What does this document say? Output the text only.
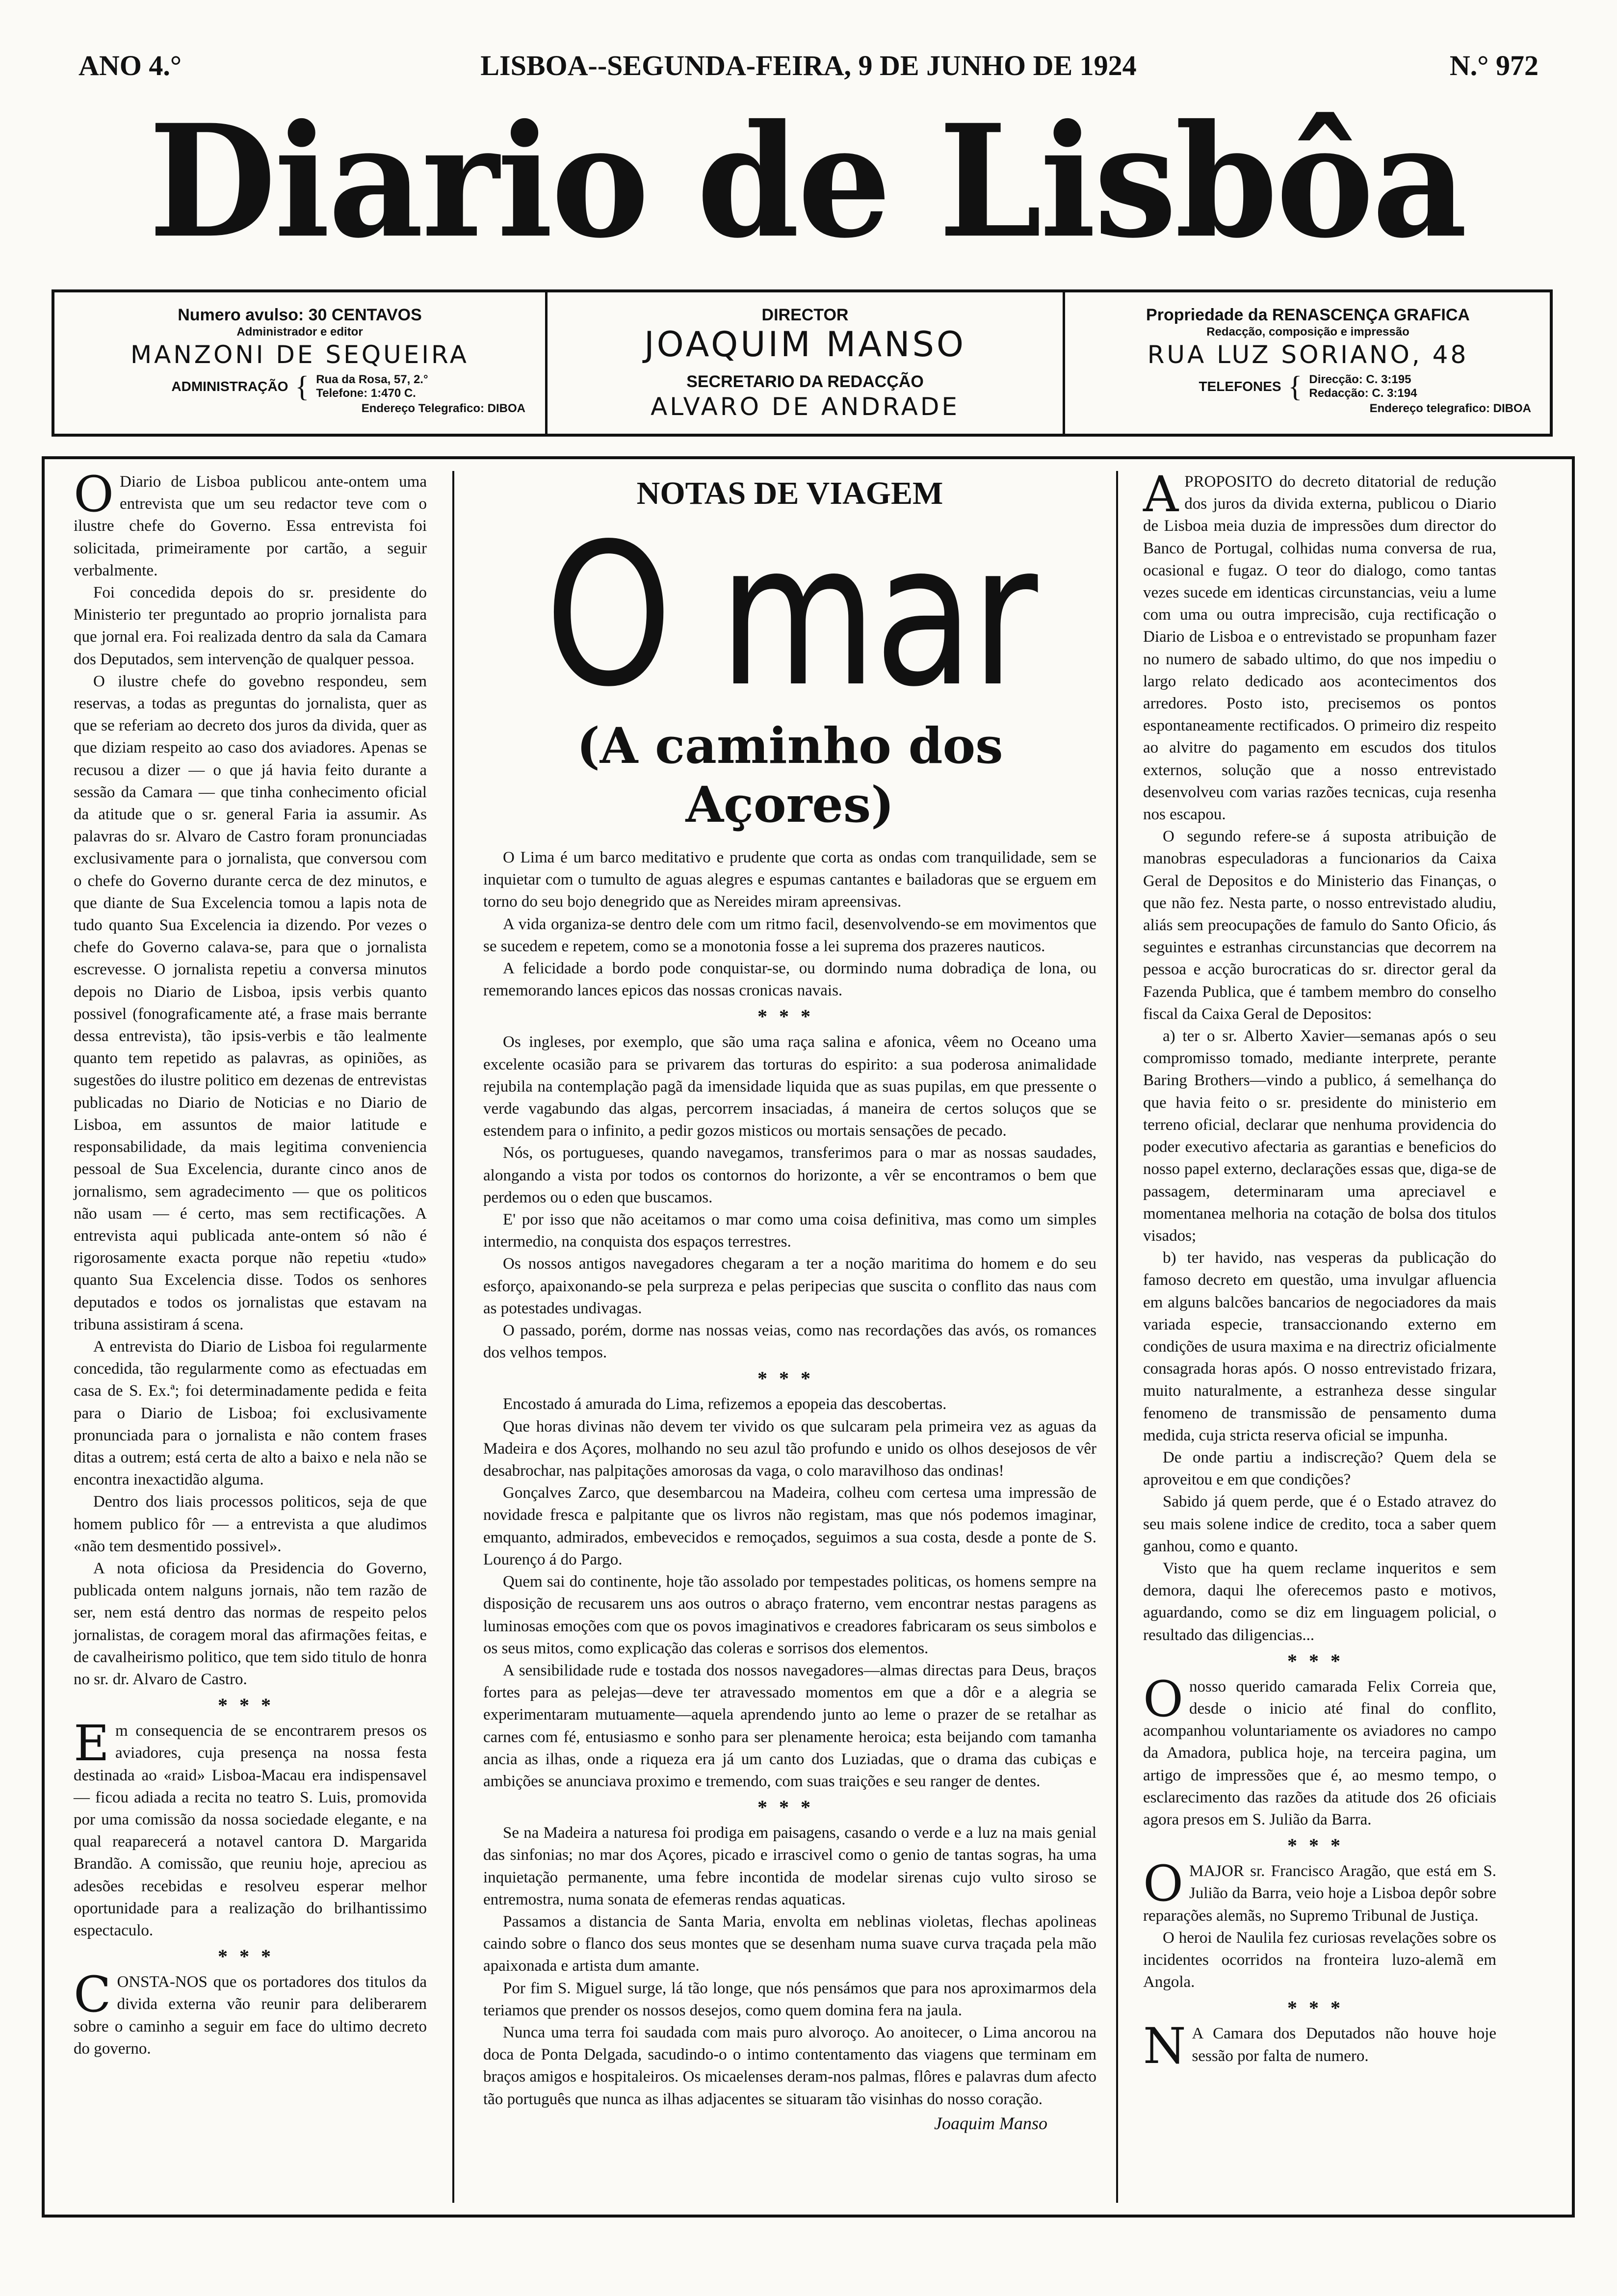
ANO 4.°	LISBOA--SEGUNDA-FEIRA, 9 DE JUNHO DE 1924	N.° 972
Diario de Lisbôa
Numero avulso: 30 CENTAVOS
Administrador e editor
MANZONI DE SEQUEIRA
ADMINISTRAÇÃO { Rua da Rosa, 57, 2.°
Telefone: 1:470 C.
Endereço Telegrafico: DIBOA
DIRECTOR
JOAQUIM MANSO
SECRETARIO DA REDACÇÃO
ALVARO DE ANDRADE
Propriedade da RENASCENÇA GRAFICA
Redacção, composição e impressão
RUA LUZ SORIANO, 48
TELEFONES { Direcção: C. 3:195
Redacção: C. 3:194
Endereço telegrafico: DIBOA

O Diario de Lisboa publicou ante-ontem uma entrevista que um seu redactor teve com o ilustre chefe do Governo. Essa entrevista foi solicitada, primeiramente por cartão, a seguir verbalmente.

Foi concedida depois do sr. presidente do Ministerio ter preguntado ao proprio jornalista para que jornal era. Foi realizada dentro da sala da Camara dos Deputados, sem intervenção de qualquer pessoa.

O ilustre chefe do govebno respondeu, sem reservas, a todas as preguntas do jornalista, quer as que se referiam ao decreto dos juros da divida, quer as que diziam respeito ao caso dos aviadores. Apenas se recusou a dizer — o que já havia feito durante a sessão da Camara — que tinha conhecimento oficial da atitude que o sr. general Faria ia assumir. As palavras do sr. Alvaro de Castro foram pronunciadas exclusivamente para o jornalista, que conversou com o chefe do Governo durante cerca de dez minutos, e que diante de Sua Excelencia tomou a lapis nota de tudo quanto Sua Excelencia ia dizendo. Por vezes o chefe do Governo calava-se, para que o jornalista escrevesse. O jornalista repetiu a conversa minutos depois no Diario de Lisboa, ipsis verbis quanto possivel (fonograficamente até, a frase mais berrante dessa entrevista), tão ipsis-verbis e tão lealmente quanto tem repetido as palavras, as opiniões, as sugestões do ilustre politico em dezenas de entrevistas publicadas no Diario de Noticias e no Diario de Lisboa, em assuntos de maior latitude e responsabilidade, da mais legitima conveniencia pessoal de Sua Excelencia, durante cinco anos de jornalismo, sem agradecimento — que os politicos não usam — é certo, mas sem rectificações. A entrevista aqui publicada ante-ontem só não é rigorosamente exacta porque não repetiu «tudo» quanto Sua Excelencia disse. Todos os senhores deputados e todos os jornalistas que estavam na tribuna assistiram á scena.

A entrevista do Diario de Lisboa foi regularmente concedida, tão regularmente como as efectuadas em casa de S. Ex.ª; foi determinadamente pedida e feita para o Diario de Lisboa; foi exclusivamente pronunciada para o jornalista e não contem frases ditas a outrem; está certa de alto a baixo e nela não se encontra inexactidão alguma.

Dentro dos liais processos politicos, seja de que homem publico fôr — a entrevista a que aludimos «não tem desmentido possivel».

A nota oficiosa da Presidencia do Governo, publicada ontem nalguns jornais, não tem razão de ser, nem está dentro das normas de respeito pelos jornalistas, de coragem moral das afirmações feitas, e de cavalheirismo politico, que tem sido titulo de honra no sr. dr. Alvaro de Castro.

***

Em consequencia de se encontrarem presos os aviadores, cuja presença na nossa festa destinada ao «raid» Lisboa-Macau era indispensavel — ficou adiada a recita no teatro S. Luis, promovida por uma comissão da nossa sociedade elegante, e na qual reaparecerá a notavel cantora D. Margarida Brandão. A comissão, que reuniu hoje, apreciou as adesões recebidas e resolveu esperar melhor oportunidade para a realização do brilhantissimo espectaculo.

***

CONSTA-NOS que os portadores dos titulos da divida externa vão reunir para deliberarem sobre o caminho a seguir em face do ultimo decreto do governo.

NOTAS DE VIAGEM
O mar
(A caminho dos Açores)

O Lima é um barco meditativo e prudente que corta as ondas com tranquilidade, sem se inquietar com o tumulto de aguas alegres e espumas cantantes e bailadoras que se erguem em torno do seu bojo denegrido que as Nereides miram apreensivas.

A vida organiza-se dentro dele com um ritmo facil, desenvolvendo-se em movimentos que se sucedem e repetem, como se a monotonia fosse a lei suprema dos prazeres nauticos.

A felicidade a bordo pode conquistar-se, ou dormindo numa dobradiça de lona, ou rememorando lances epicos das nossas cronicas navais.

***

Os ingleses, por exemplo, que são uma raça salina e afonica, vêem no Oceano uma excelente ocasião para se privarem das torturas do espirito: a sua poderosa animalidade rejubila na contemplação pagã da imensidade liquida que as suas pupilas, em que pressente o verde vagabundo das algas, percorrem insaciadas, á maneira de certos soluços que se estendem para o infinito, a pedir gozos misticos ou mortais sensações de pecado.

Nós, os portugueses, quando navegamos, transferimos para o mar as nossas saudades, alongando a vista por todos os contornos do horizonte, a vêr se encontramos o bem que perdemos ou o eden que buscamos.

E' por isso que não aceitamos o mar como uma coisa definitiva, mas como um simples intermedio, na conquista dos espaços terrestres.

Os nossos antigos navegadores chegaram a ter a noção maritima do homem e do seu esforço, apaixonando-se pela surpreza e pelas peripecias que suscita o conflito das naus com as potestades undivagas.

O passado, porém, dorme nas nossas veias, como nas recordações das avós, os romances dos velhos tempos.

***

Encostado á amurada do Lima, refizemos a epopeia das descobertas.

Que horas divinas não devem ter vivido os que sulcaram pela primeira vez as aguas da Madeira e dos Açores, molhando no seu azul tão profundo e unido os olhos desejosos de vêr desabrochar, nas palpitações amorosas da vaga, o colo maravilhoso das ondinas!

Gonçalves Zarco, que desembarcou na Madeira, colheu com certesa uma impressão de novidade fresca e palpitante que os livros não registam, mas que nós podemos imaginar, emquanto, admirados, embevecidos e remoçados, seguimos a sua costa, desde a ponte de S. Lourenço á do Pargo.

Quem sai do continente, hoje tão assolado por tempestades politicas, os homens sempre na disposição de recusarem uns aos outros o abraço fraterno, vem encontrar nestas paragens as luminosas emoções com que os povos imaginativos e creadores fabricaram os seus simbolos e os seus mitos, como explicação das coleras e sorrisos dos elementos.

A sensibilidade rude e tostada dos nossos navegadores—almas directas para Deus, braços fortes para as pelejas—deve ter atravessado momentos em que a dôr e a alegria se experimentaram mutuamente—aquela aprendendo junto ao leme o prazer de se retalhar as carnes com fé, entusiasmo e sonho para ser plenamente heroica; esta beijando com tamanha ancia as ilhas, onde a riqueza era já um canto dos Luziadas, que o drama das cubiças e ambições se anunciava proximo e tremendo, com suas traições e seu ranger de dentes.

***

Se na Madeira a naturesa foi prodiga em paisagens, casando o verde e a luz na mais genial das sinfonias; no mar dos Açores, picado e irrascivel como o genio de tantas sogras, ha uma inquietação permanente, uma febre incontida de modelar sirenas cujo vulto siroso se entremostra, numa sonata de efemeras rendas aquaticas.

Passamos a distancia de Santa Maria, envolta em neblinas violetas, flechas apolineas caindo sobre o flanco dos seus montes que se desenham numa suave curva traçada pela mão apaixonada e artista dum amante.

Por fim S. Miguel surge, lá tão longe, que nós pensámos que para nos aproximarmos dela teriamos que prender os nossos desejos, como quem domina fera na jaula.

Nunca uma terra foi saudada com mais puro alvoroço. Ao anoitecer, o Lima ancorou na doca de Ponta Delgada, sacudindo-o o intimo contentamento das viagens que terminam em braços amigos e hospitaleiros. Os micaelenses deram-nos palmas, flôres e palavras dum afecto tão português que nunca as ilhas adjacentes se situaram tão visinhas do nosso coração.

Joaquim Manso

APROPOSITO do decreto ditatorial de redução dos juros da divida externa, publicou o Diario de Lisboa meia duzia de impressões dum director do Banco de Portugal, colhidas numa conversa de rua, ocasional e fugaz. O teor do dialogo, como tantas vezes sucede em identicas circunstancias, veiu a lume com uma ou outra imprecisão, cuja rectificação o Diario de Lisboa e o entrevistado se propunham fazer no numero de sabado ultimo, do que nos impediu o largo relato dedicado aos acontecimentos dos arredores. Posto isto, precisemos os pontos espontaneamente rectificados. O primeiro diz respeito ao alvitre do pagamento em escudos dos titulos externos, solução que a nosso entrevistado desenvolveu com varias razões tecnicas, cuja resenha nos escapou.

O segundo refere-se á suposta atribuição de manobras especuladoras a funcionarios da Caixa Geral de Depositos e do Ministerio das Finanças, o que não fez. Nesta parte, o nosso entrevistado aludiu, aliás sem preocupações de famulo do Santo Oficio, ás seguintes e estranhas circunstancias que decorrem na pessoa e acção burocraticas do sr. director geral da Fazenda Publica, que é tambem membro do conselho fiscal da Caixa Geral de Depositos:

a) ter o sr. Alberto Xavier—semanas após o seu compromisso tomado, mediante interprete, perante Baring Brothers—vindo a publico, á semelhança do que havia feito o sr. presidente do ministerio em terreno oficial, declarar que nenhuma providencia do poder executivo afectaria as garantias e beneficios do nosso papel externo, declarações essas que, diga-se de passagem, determinaram uma apreciavel e momentanea melhoria na cotação de bolsa dos titulos visados;

b) ter havido, nas vesperas da publicação do famoso decreto em questão, uma invulgar afluencia em alguns balcões bancarios de negociadores da mais variada especie, transaccionando externo em condições de usura maxima e na directriz oficialmente consagrada horas após. O nosso entrevistado frizara, muito naturalmente, a estranheza desse singular fenomeno de transmissão de pensamento duma medida, cuja stricta reserva oficial se impunha.

De onde partiu a indiscreção? Quem dela se aproveitou e em que condições?

Sabido já quem perde, que é o Estado atravez do seu mais solene indice de credito, toca a saber quem ganhou, como e quanto.

Visto que ha quem reclame inqueritos e sem demora, daqui lhe oferecemos pasto e motivos, aguardando, como se diz em linguagem policial, o resultado das diligencias...

***

Onosso querido camarada Felix Correia que, desde o inicio até final do conflito, acompanhou voluntariamente os aviadores no campo da Amadora, publica hoje, na terceira pagina, um artigo de impressões que é, ao mesmo tempo, o esclarecimento das razões da atitude dos 26 oficiais agora presos em S. Julião da Barra.

***

OMAJOR sr. Francisco Aragão, que está em S. Julião da Barra, veio hoje a Lisboa depôr sobre reparações alemãs, no Supremo Tribunal de Justiça.

O heroi de Naulila fez curiosas revelações sobre os incidentes ocorridos na fronteira luzo-alemã em Angola.

***

N A Camara dos Deputados não houve hoje sessão por falta de numero.
